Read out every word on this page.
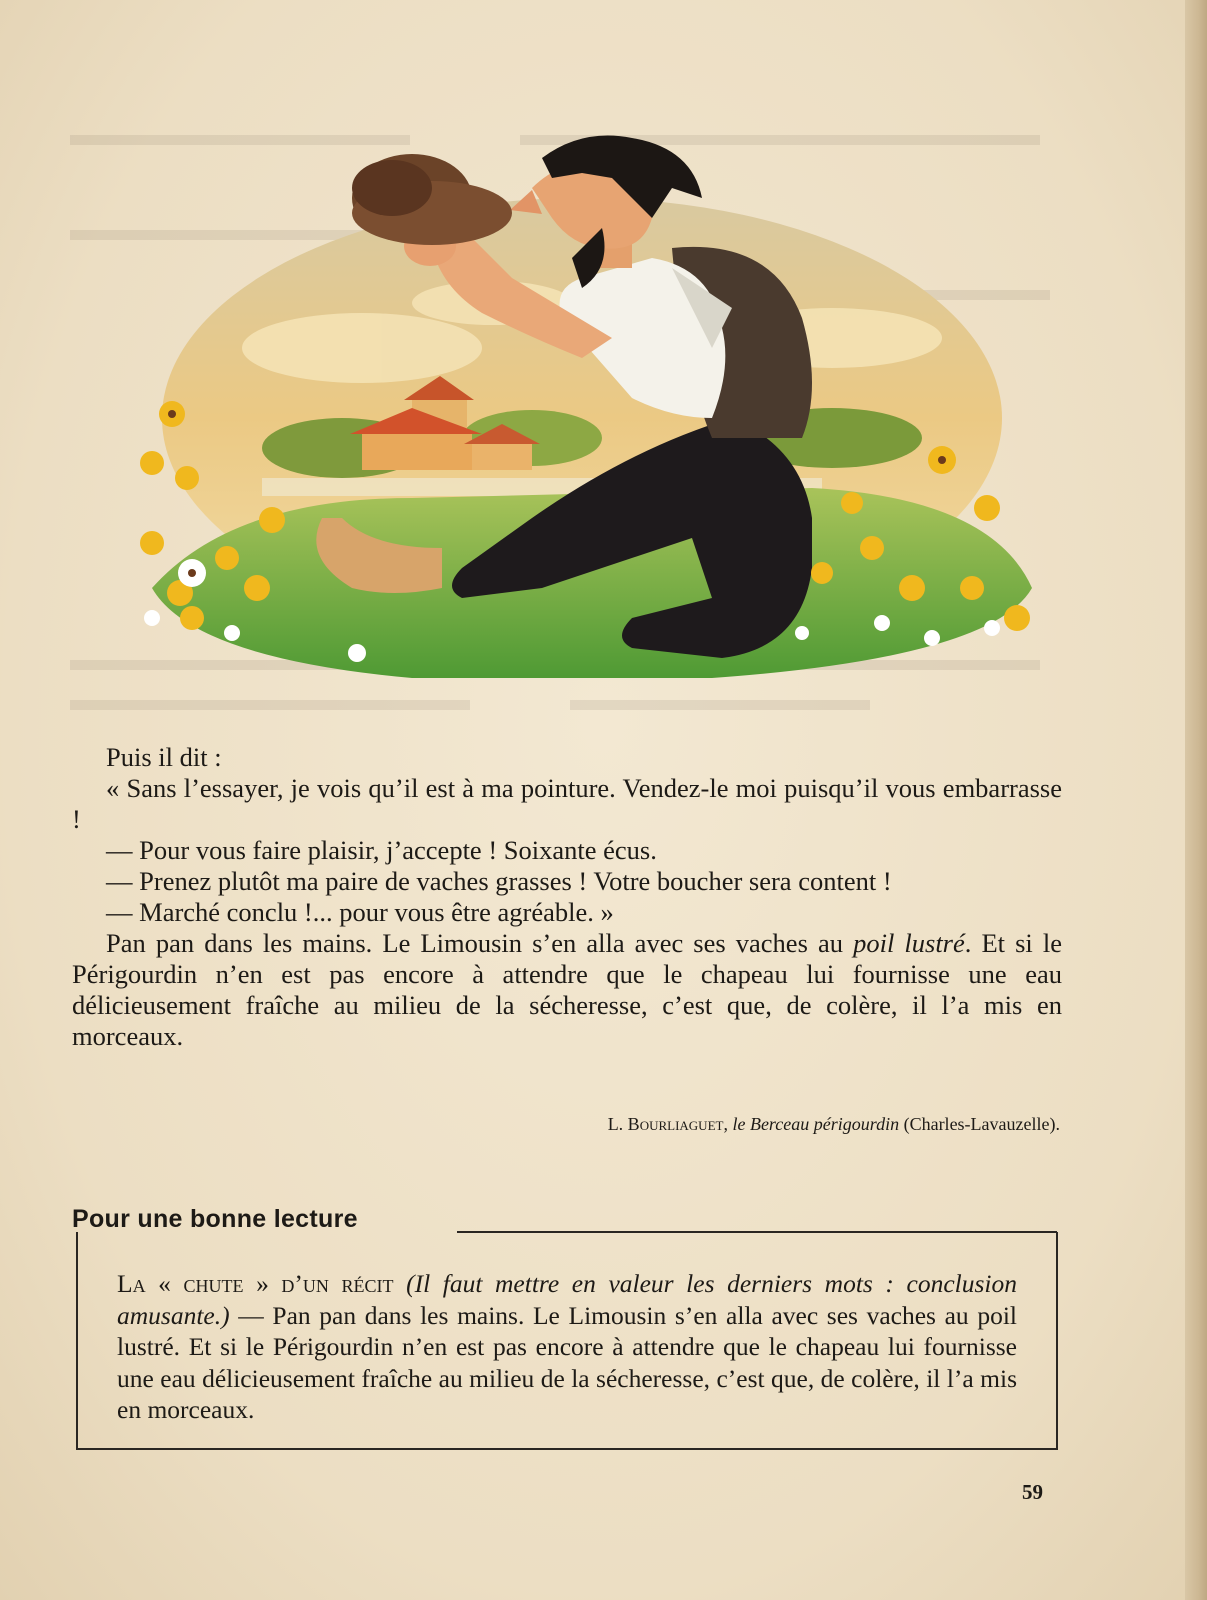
Puis il dit :

« Sans l’essayer, je vois qu’il est à ma pointure. Vendez-le moi puisqu’il vous embarrasse !

— Pour vous faire plaisir, j’accepte ! Soixante écus.

— Prenez plutôt ma paire de vaches grasses ! Votre boucher sera content !

— Marché conclu !... pour vous être agréable. »

Pan pan dans les mains. Le Limousin s’en alla avec ses vaches au poil lustré. Et si le Périgourdin n’en est pas encore à attendre que le chapeau lui fournisse une eau délicieusement fraîche au milieu de la sécheresse, c’est que, de colère, il l’a mis en morceaux.

L. Bourliaguet, le Berceau périgourdin (Charles-Lavauzelle).
Pour une bonne lecture
La « chute » d’un récit (Il faut mettre en valeur les derniers mots : conclusion amusante.) — Pan pan dans les mains. Le Limousin s’en alla avec ses vaches au poil lustré. Et si le Périgourdin n’en est pas encore à attendre que le chapeau lui fournisse une eau délicieusement fraîche au milieu de la sécheresse, c’est que, de colère, il l’a mis en morceaux.
59
